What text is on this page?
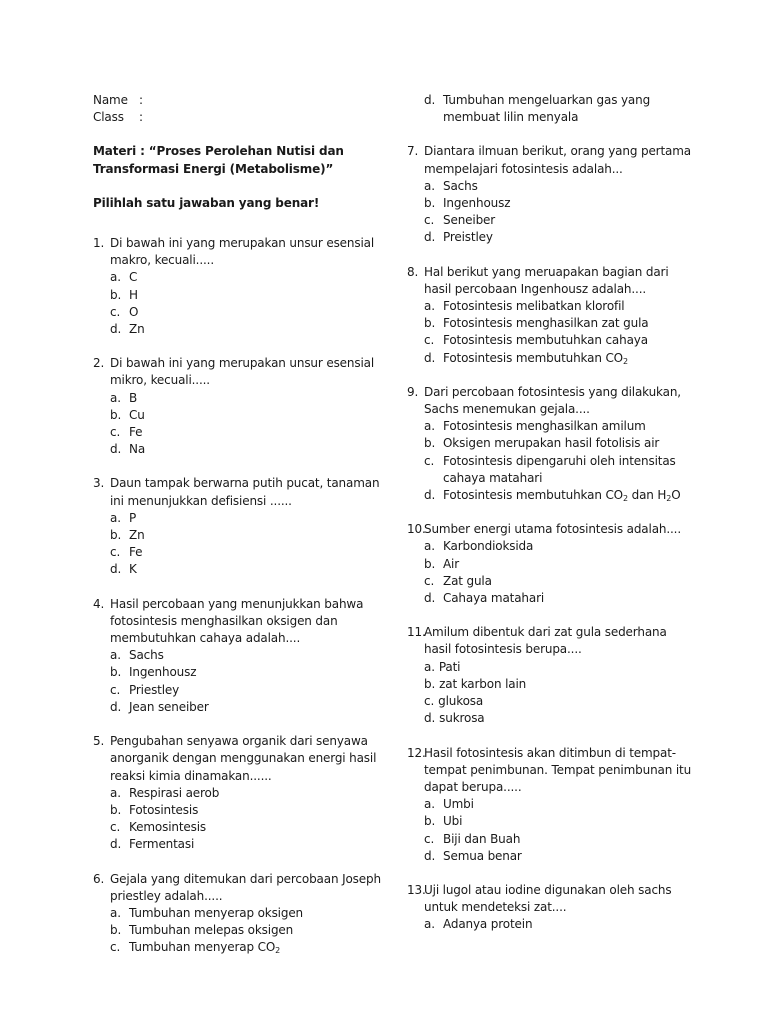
Name :
Class	:
Materi : “Proses Perolehan Nutisi dan
Transformasi Energi (Metabolisme)”
Pilihlah satu jawaban yang benar!
1. Di bawah ini yang merupakan unsur esensial makro, kecuali.....
a. C
b. H
c. O
d. Zn
2. Di bawah ini yang merupakan unsur esensial mikro, kecuali.....
a. B
b. Cu
c. Fe
d. Na
3. Daun tampak berwarna putih pucat, tanaman ini menunjukkan defisiensi ......
a. P
b. Zn
c. Fe
d. K
4. Hasil percobaan yang menunjukkan bahwa fotosintesis menghasilkan oksigen dan membutuhkan cahaya adalah....
a. Sachs
b. Ingenhousz
c. Priestley
d. Jean seneiber
5. Pengubahan senyawa organik dari senyawa anorganik dengan menggunakan energi hasil reaksi kimia dinamakan......
a. Respirasi aerob
b. Fotosintesis
c. Kemosintesis
d. Fermentasi
6. Gejala yang ditemukan dari percobaan Joseph priestley adalah.....
a. Tumbuhan menyerap oksigen
b. Tumbuhan melepas oksigen
c. Tumbuhan menyerap $CO_2$
d. Tumbuhan mengeluarkan gas yang membuat lilin menyala
7. Diantara ilmuan berikut, orang yang pertama mempelajari fotosintesis adalah...
a. Sachs
b. Ingenhousz
c. Seneiber
d. Preistley
8. Hal berikut yang meruapakan bagian dari hasil percobaan Ingenhousz adalah....
a. Fotosintesis melibatkan klorofil
b. Fotosintesis menghasilkan zat gula
c. Fotosintesis membutuhkan cahaya
d. Fotosintesis membutuhkan $CO_2$
9. Dari percobaan fotosintesis yang dilakukan, Sachs menemukan gejala....
a. Fotosintesis menghasilkan amilum
b. Oksigen merupakan hasil fotolisis air
c. Fotosintesis dipengaruhi oleh intensitas cahaya matahari
d. Fotosintesis membutuhkan $CO_2$ dan $H_2O$
10.
Sumber energi utama fotosintesis adalah....
a. Karbondioksida
b. Air
c. Zat gula
d. Cahaya matahari
11.
Amilum dibentuk dari zat gula sederhana hasil fotosintesis berupa....
a. Pati
b. zat karbon lain
c. glukosa
d. sukrosa
12.
Hasil fotosintesis akan ditimbun di tempat-tempat penimbunan. Tempat penimbunan itu dapat berupa.....
a. Umbi
b. Ubi
c. Biji dan Buah
d. Semua benar
13.
Uji lugol atau iodine digunakan oleh sachs untuk mendeteksi zat....
a. Adanya protein
